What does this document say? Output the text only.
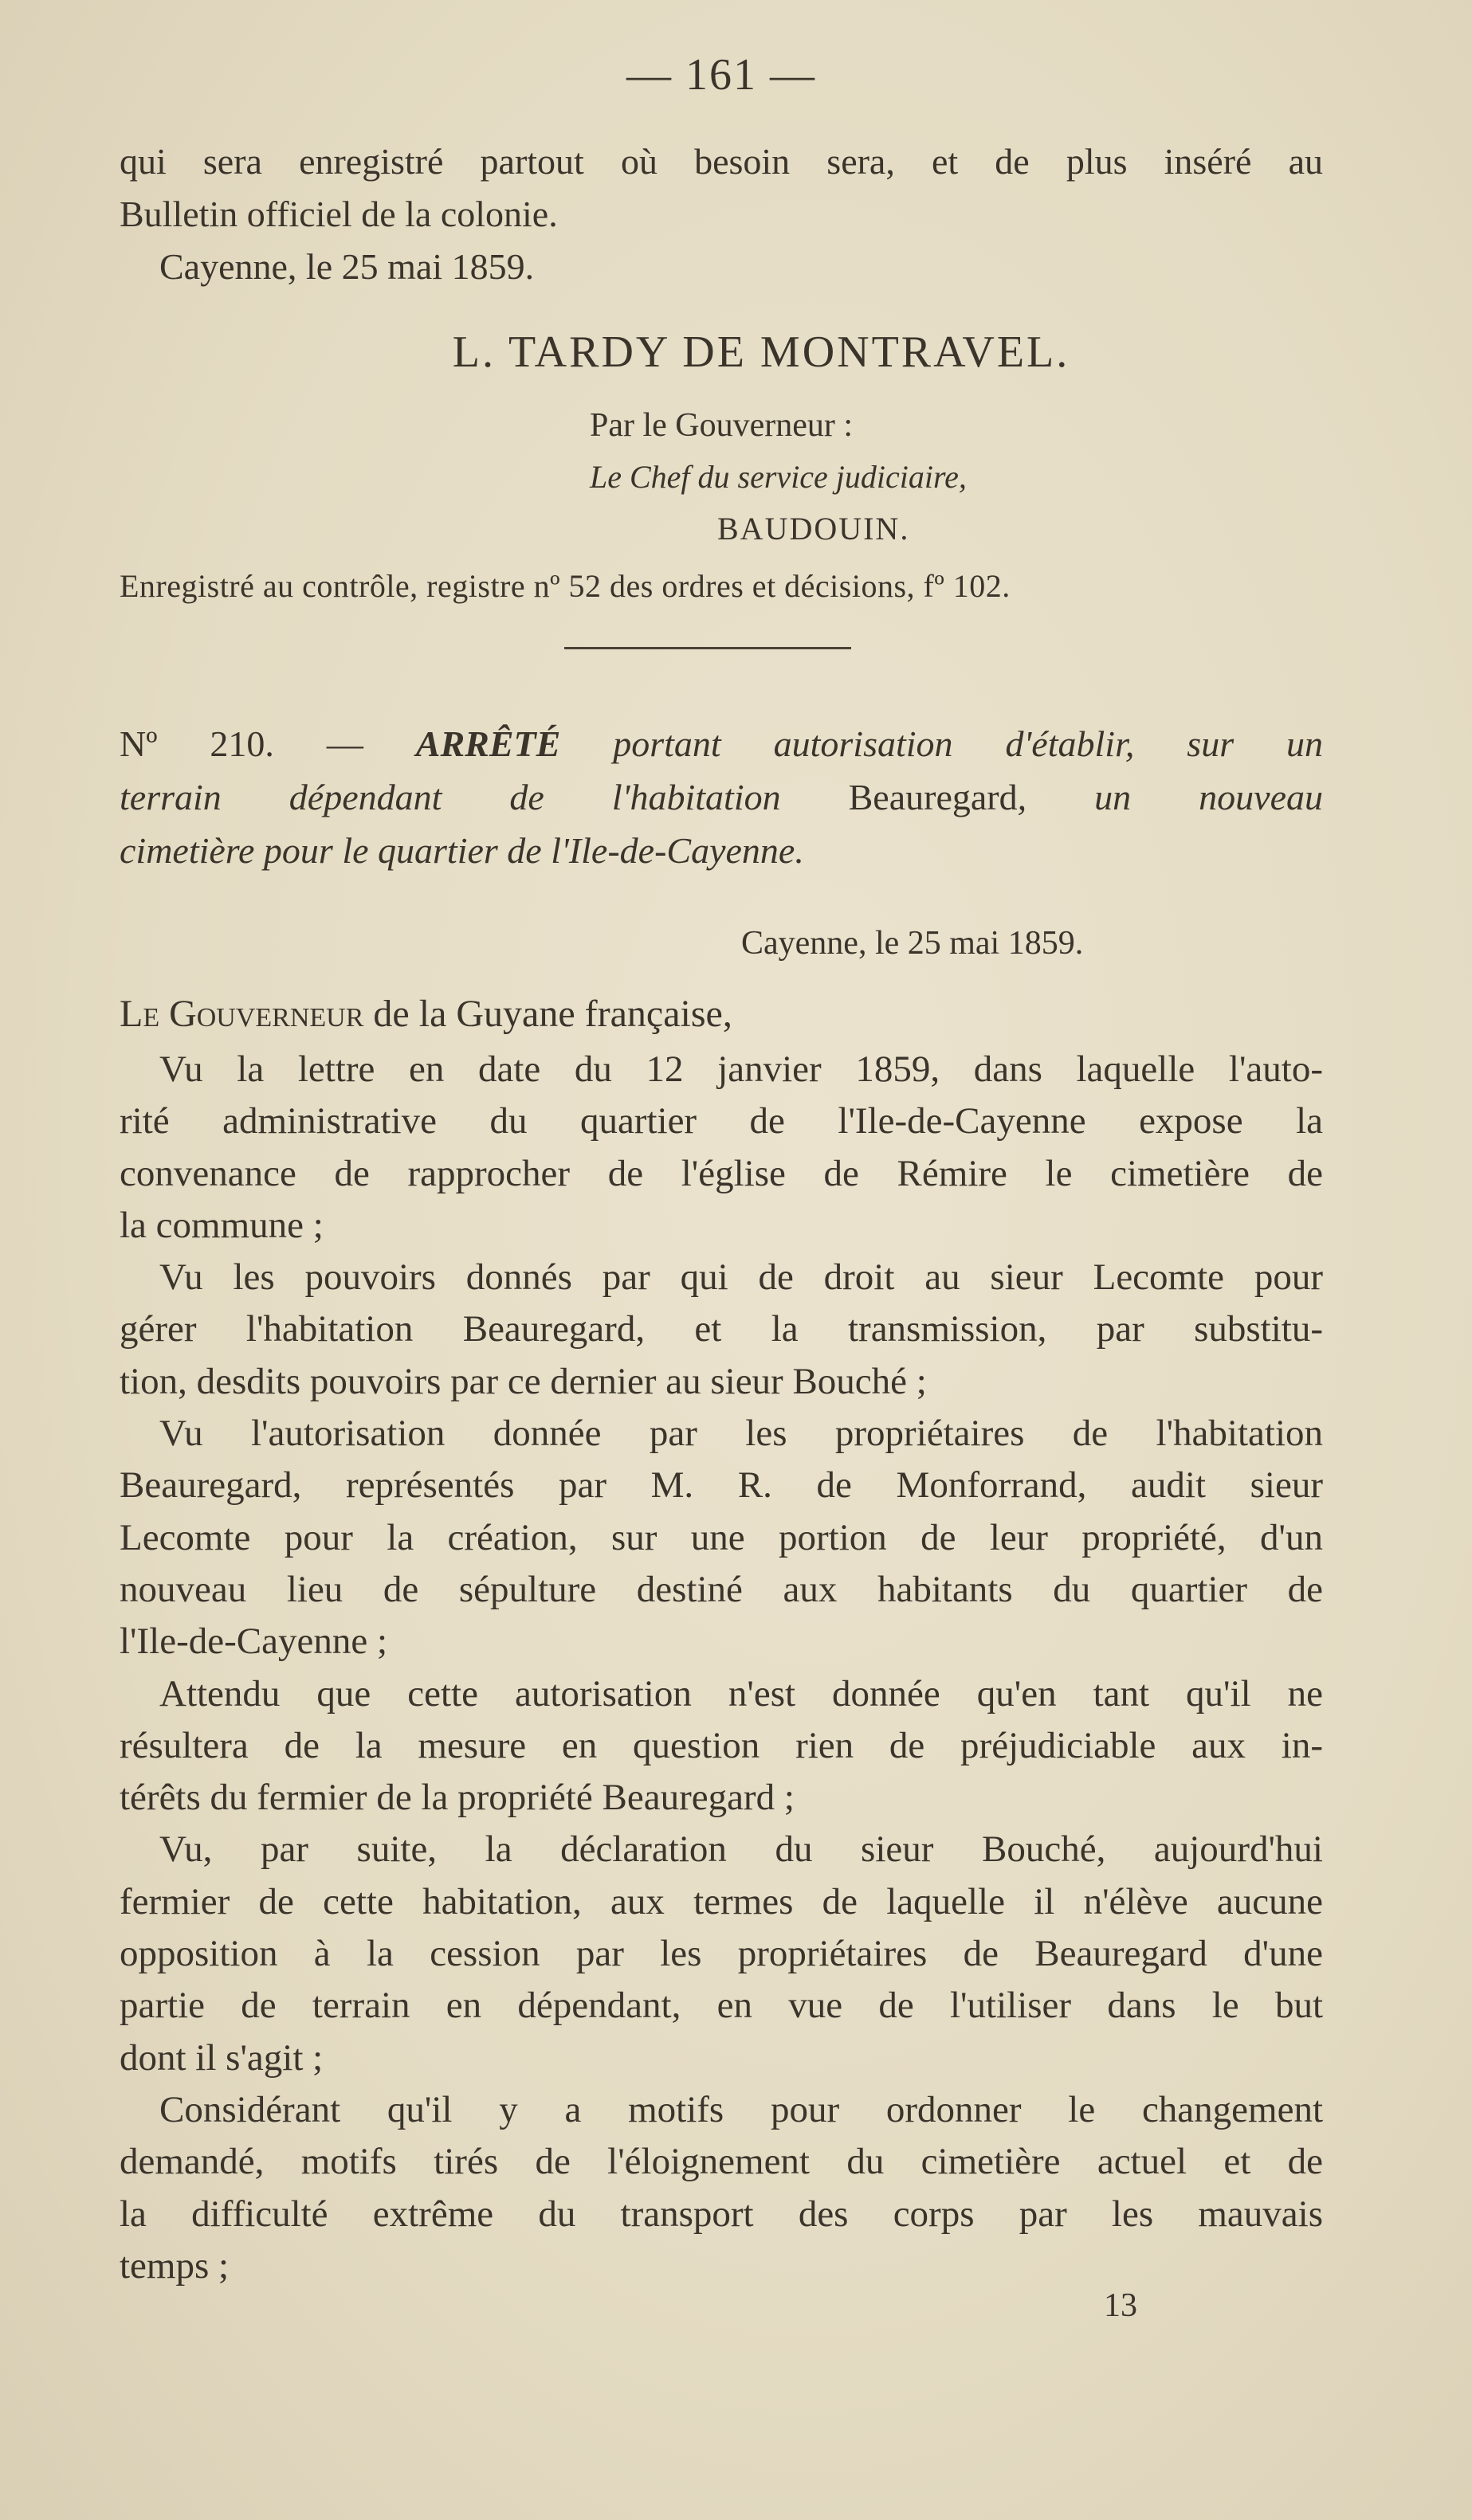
— 161 —
qui sera enregistré partout où besoin sera, et de plus inséré au
Bulletin officiel de la colonie.
Cayenne, le 25 mai 1859.
L. TARDY DE MONTRAVEL.
Par le Gouverneur :
Le Chef du service judiciaire,
BAUDOUIN.
Enregistré au contrôle, registre nº 52 des ordres et décisions, fº 102.
Nº 210. — ARRÊTÉ portant autorisation d'établir, sur un
terrain dépendant de l'habitation Beauregard, un nouveau
cimetière pour le quartier de l'Ile-de-Cayenne.
Cayenne, le 25 mai 1859.
Le Gouverneur de la Guyane française,
Vu la lettre en date du 12 janvier 1859, dans laquelle l'auto-
rité administrative du quartier de l'Ile-de-Cayenne expose la
convenance de rapprocher de l'église de Rémire le cimetière de
la commune ;
Vu les pouvoirs donnés par qui de droit au sieur Lecomte pour
gérer l'habitation Beauregard, et la transmission, par substitu-
tion, desdits pouvoirs par ce dernier au sieur Bouché ;
Vu l'autorisation donnée par les propriétaires de l'habitation
Beauregard, représentés par M. R. de Monforrand, audit sieur
Lecomte pour la création, sur une portion de leur propriété, d'un
nouveau lieu de sépulture destiné aux habitants du quartier de
l'Ile-de-Cayenne ;
Attendu que cette autorisation n'est donnée qu'en tant qu'il ne
résultera de la mesure en question rien de préjudiciable aux in-
térêts du fermier de la propriété Beauregard ;
Vu, par suite, la déclaration du sieur Bouché, aujourd'hui
fermier de cette habitation, aux termes de laquelle il n'élève aucune
opposition à la cession par les propriétaires de Beauregard d'une
partie de terrain en dépendant, en vue de l'utiliser dans le but
dont il s'agit ;
Considérant qu'il y a motifs pour ordonner le changement
demandé, motifs tirés de l'éloignement du cimetière actuel et de
la difficulté extrême du transport des corps par les mauvais
temps ;
13
